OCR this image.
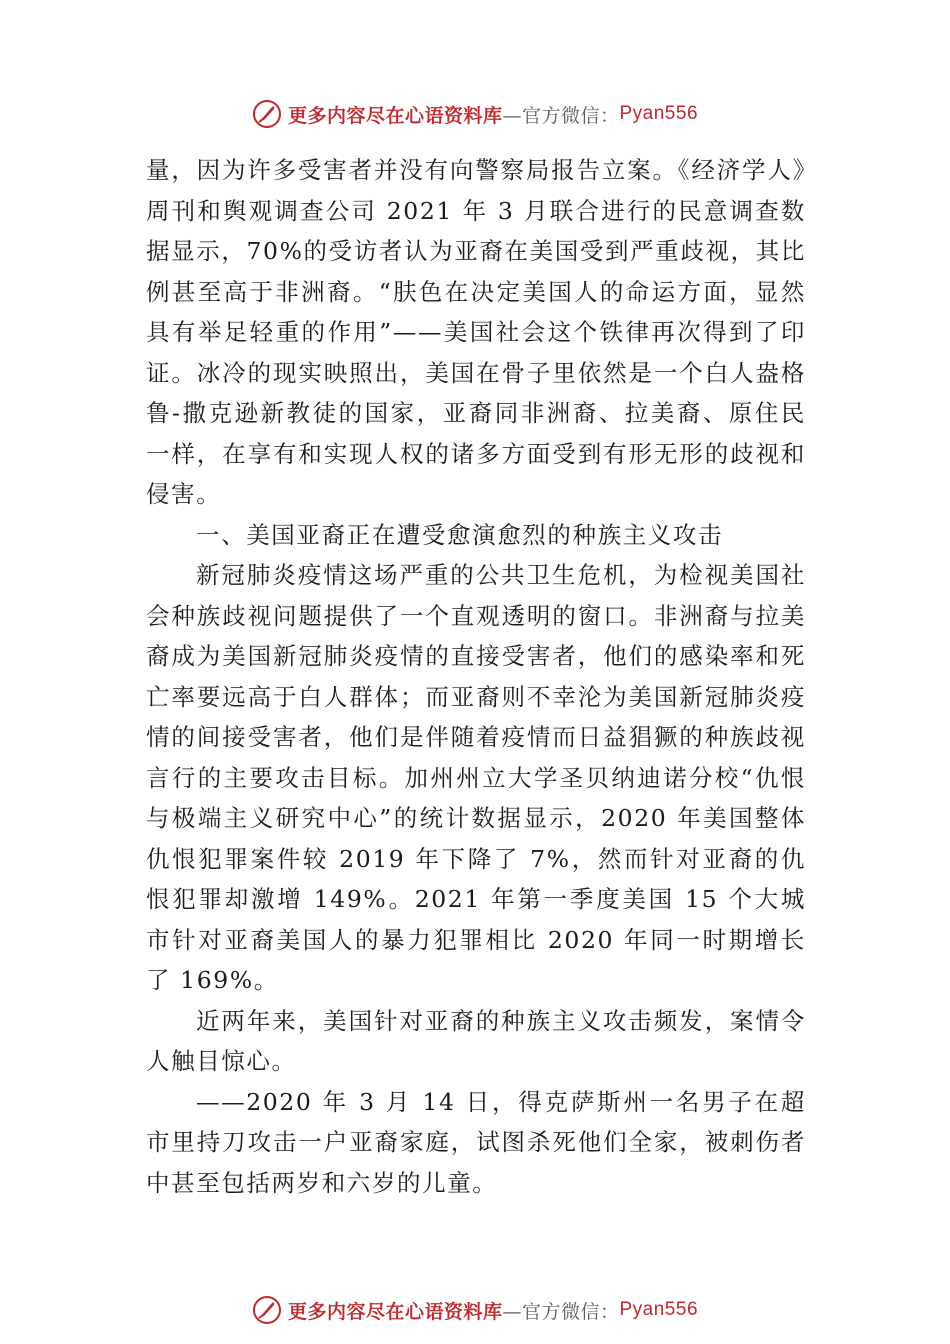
更多内容尽在心语资料库 —官方微信： Pyan556

量，因为许多受害者并没有向警察局报告立案。《经济学人》周刊和舆观调查公司 2021 年 3 月联合进行的民意调查数据显示，70%的受访者认为亚裔在美国受到严重歧视，其比例甚至高于非洲裔。“肤色在决定美国人的命运方面，显然具有举足轻重的作用”——美国社会这个铁律再次得到了印证。冰冷的现实映照出，美国在骨子里依然是一个白人盎格鲁-撒克逊新教徒的国家，亚裔同非洲裔、拉美裔、原住民一样，在享有和实现人权的诸多方面受到有形无形的歧视和侵害。

一、美国亚裔正在遭受愈演愈烈的种族主义攻击

新冠肺炎疫情这场严重的公共卫生危机，为检视美国社会种族歧视问题提供了一个直观透明的窗口。非洲裔与拉美裔成为美国新冠肺炎疫情的直接受害者，他们的感染率和死亡率要远高于白人群体；而亚裔则不幸沦为美国新冠肺炎疫情的间接受害者，他们是伴随着疫情而日益猖獗的种族歧视言行的主要攻击目标。加州州立大学圣贝纳迪诺分校“仇恨与极端主义研究中心”的统计数据显示，2020 年美国整体仇恨犯罪案件较 2019 年下降了 7%，然而针对亚裔的仇恨犯罪却激增 149%。2021 年第一季度美国 15 个大城市针对亚裔美国人的暴力犯罪相比 2020 年同一时期增长了 169%。

近两年来，美国针对亚裔的种族主义攻击频发，案情令人触目惊心。

——2020 年 3 月 14 日，得克萨斯州一名男子在超市里持刀攻击一户亚裔家庭，试图杀死他们全家，被刺伤者中甚至包括两岁和六岁的儿童。

更多内容尽在心语资料库 —官方微信： Pyan556
